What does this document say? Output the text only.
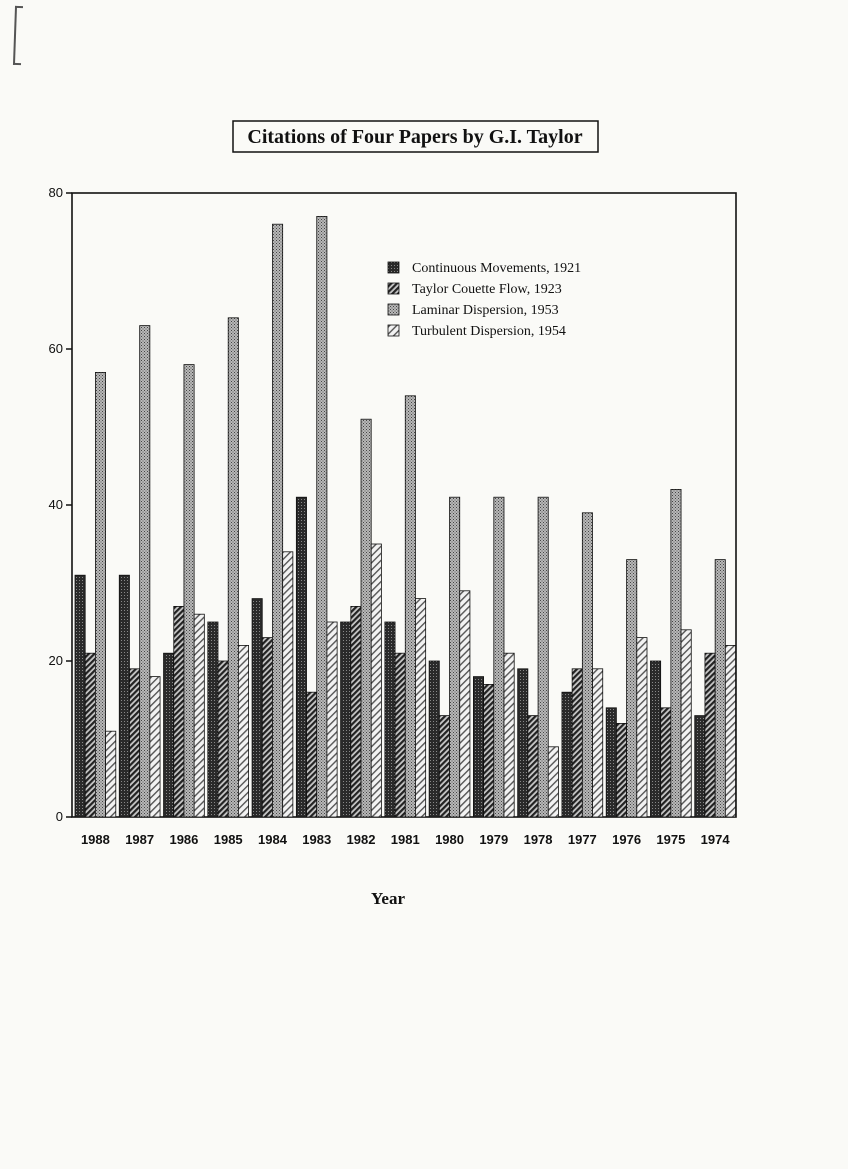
Citations of Four Papers by G.I. Taylor
0
20
40
60
80
1988 1987 1986 1985 1984 1983 1982 1981 1980 1979 1978 1977 1976 1975 1974
Continuous Movements, 1921
Taylor Couette Flow, 1923
Laminar Dispersion, 1953
Turbulent Dispersion, 1954
Year
